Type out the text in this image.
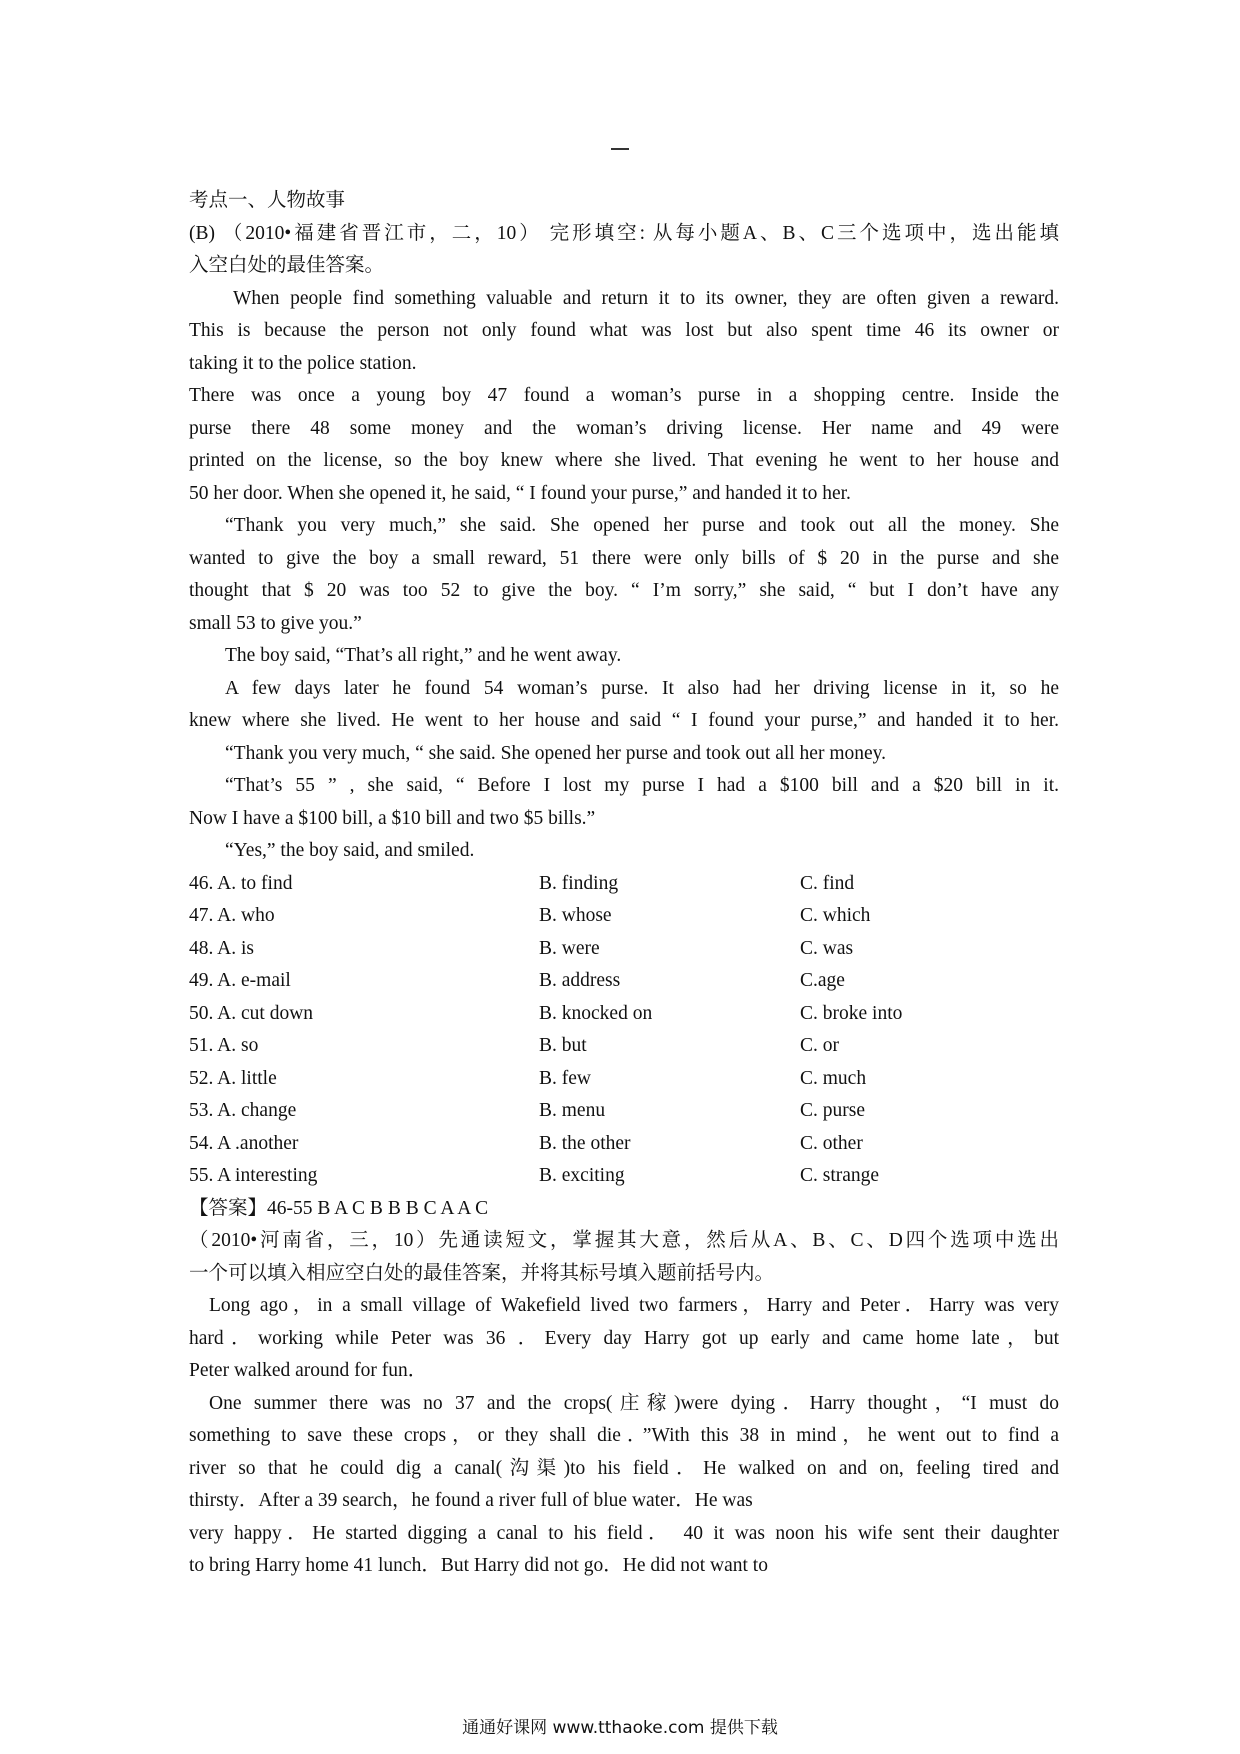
考点一、人物故事
(B) （2010•福建省晋江市，二，10） 完形填空: 从每小题A、B、C三个选项中，选出能填
入空白处的最佳答案。
When people find something valuable and return it to its owner, they are often given a reward.
This is because the person not only found what was lost but also spent time 46 its owner or
taking it to the police station.
There was once a young boy 47 found a woman’s purse in a shopping centre. Inside the
purse there 48 some money and the woman’s driving license. Her name and 49 were
printed on the license, so the boy knew where she lived. That evening he went to her house and
50 her door. When she opened it, he said, “ I found your purse,” and handed it to her.
“Thank you very much,” she said. She opened her purse and took out all the money. She
wanted to give the boy a small reward, 51 there were only bills of $ 20 in the purse and she
thought that $ 20 was too 52 to give the boy. “ I’m sorry,” she said, “ but I don’t have any
small 53 to give you.”
The boy said, “That’s all right,” and he went away.
A few days later he found 54 woman’s purse. It also had her driving license in it, so he
knew where she lived. He went to her house and said “ I found your purse,” and handed it to her.
“Thank you very much, “ she said. She opened her purse and took out all her money.
“That’s 55 ” , she said, “ Before I lost my purse I had a $100 bill and a $20 bill in it.
Now I have a $100 bill, a $10 bill and two $5 bills.”
“Yes,” the boy said, and smiled.
46. A. to find	B. finding	C. find
47. A. who	B. whose	C. which
48. A. is	B. were	C. was
49. A. e-mail	B. address	C.age
50. A. cut down	B. knocked on	C. broke into
51. A. so	B. but	C. or
52. A. little	B. few	C. much
53. A. change	B. menu	C. purse
54. A .another	B. the other	C. other
55. A interesting	B. exciting	C. strange
【答案】46-55 B A C B B B C A A C
（2010•河南省，三，10）先通读短文，掌握其大意，然后从A、B、C、D四个选项中选出
一个可以填入相应空白处的最佳答案，并将其标号填入题前括号内。
Long ago，in a small village of Wakefield lived two farmers，Harry and Peter．Harry was very
hard．working while Peter was 36 ．Every day Harry got up early and came home late，but
Peter walked around for fun．
One summer there was no 37 and the crops(庄稼)were dying．Harry thought，“I must do
something to save these crops，or they shall die．”With this 38 in mind，he went out to find a
river so that he could dig a canal(沟渠)to his field．He walked on and on, feeling tired and
thirsty．After a 39 search，he found a river full of blue water．He was
very happy．He started digging a canal to his field． 40 it was noon his wife sent their daughter
to bring Harry home 41 lunch．But Harry did not go．He did not want to
通通好课网 www.tthaoke.com 提供下载
